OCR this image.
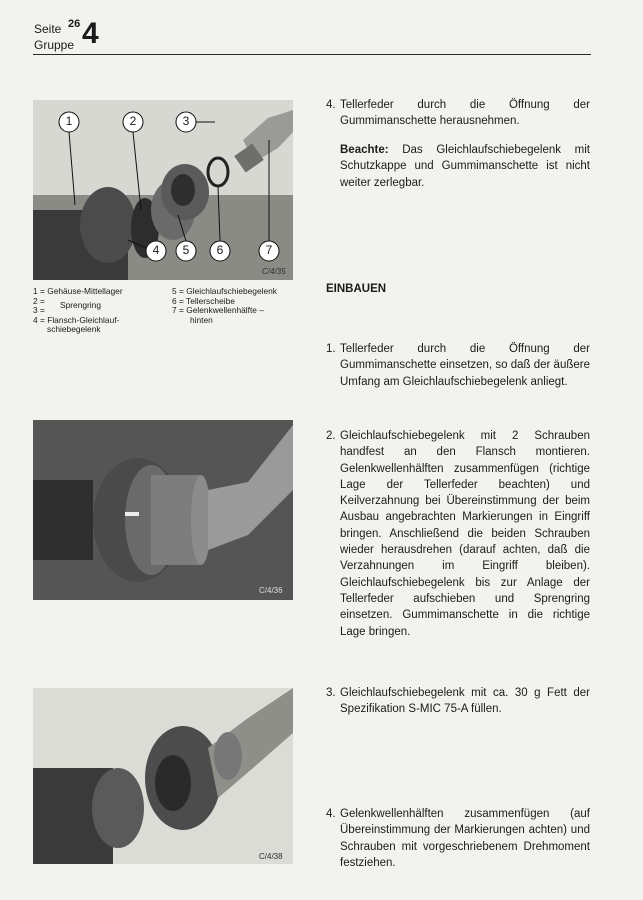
Seite 26
Gruppe 4
1	2	3
4 5 6	7
C/4/35
1 = Gehäuse-Mittellager
2 =
3 =
4 = Flansch-Gleichlauf-
schiebegelenk
Sprengring
5 = Gleichlaufschiebegelenk
6 = Tellerscheibe
7 = Gelenkwellenhälfte –
hinten
C/4/36
C/4/38
4. Tellerfeder durch die Öffnung der Gummimanschette herausnehmen.
Beachte: Das Gleichlaufschiebegelenk mit Schutzkappe und Gummimanschette ist nicht weiter zerlegbar.
EINBAUEN
1. Tellerfeder durch die Öffnung der Gummimanschette einsetzen, so daß der äußere Umfang am Gleichlaufschiebegelenk anliegt.
2. Gleichlaufschiebegelenk mit 2 Schrauben handfest an den Flansch montieren. Gelenkwellenhälften zusammenfügen (richtige Lage der Tellerfeder beachten) und Keilverzahnung bei Übereinstimmung der beim Ausbau angebrachten Markierungen in Eingriff bringen. Anschließend die beiden Schrauben wieder herausdrehen (darauf achten, daß die Verzahnungen im Eingriff bleiben). Gleichlaufschiebegelenk bis zur Anlage der Tellerfeder aufschieben und Sprengring einsetzen. Gummimanschette in die richtige Lage bringen.
3. Gleichlaufschiebegelenk mit ca. 30 g Fett der Spezifikation S-MIC 75-A füllen.
4. Gelenkwellenhälften zusammenfügen (auf Übereinstimmung der Markierungen achten) und Schrauben mit vorgeschriebenem Drehmoment festziehen.
